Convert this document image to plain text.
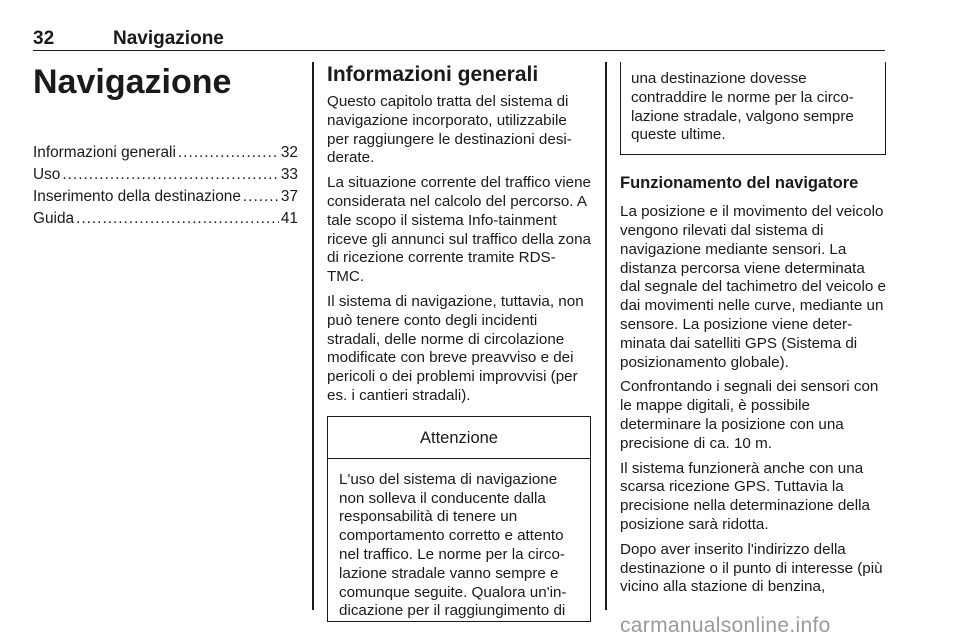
32	Navigazione
Navigazione
Informazioni generali .....	32
Uso .....	33
Inserimento della destinazione .....	37
Guida .....	41
Informazioni generali

Questo capitolo tratta del sistema di navigazione incorporato, utilizzabile per raggiungere le destinazioni desi-derate.

La situazione corrente del traffico viene considerata nel calcolo del percorso. A tale scopo il sistema Info-tainment riceve gli annunci sul traffico della zona di ricezione corrente tramite RDS-TMC.

Il sistema di navigazione, tuttavia, non può tenere conto degli incidenti stradali, delle norme di circolazione modificate con breve preavviso e dei pericoli o dei problemi improvvisi (per es. i cantieri stradali).

Attenzione
L'uso del sistema di navigazione non solleva il conducente dalla responsabilità di tenere un comportamento corretto e attento nel traffico. Le norme per la circo-lazione stradale vanno sempre e comunque seguite. Qualora un'in-dicazione per il raggiungimento di
una destinazione dovesse contraddire le norme per la circo-lazione stradale, valgono sempre queste ultime.
Funzionamento del navigatore

La posizione e il movimento del veicolo vengono rilevati dal sistema di navigazione mediante sensori. La distanza percorsa viene determinata dal segnale del tachimetro del veicolo e dai movimenti nelle curve, mediante un sensore. La posizione viene deter-minata dai satelliti GPS (Sistema di posizionamento globale).

Confrontando i segnali dei sensori con le mappe digitali, è possibile determinare la posizione con una precisione di ca. 10 m.

Il sistema funzionerà anche con una scarsa ricezione GPS. Tuttavia la precisione nella determinazione della posizione sarà ridotta.

Dopo aver inserito l'indirizzo della destinazione o il punto di interesse (più vicino alla stazione di benzina,

carmanualsonline.info
